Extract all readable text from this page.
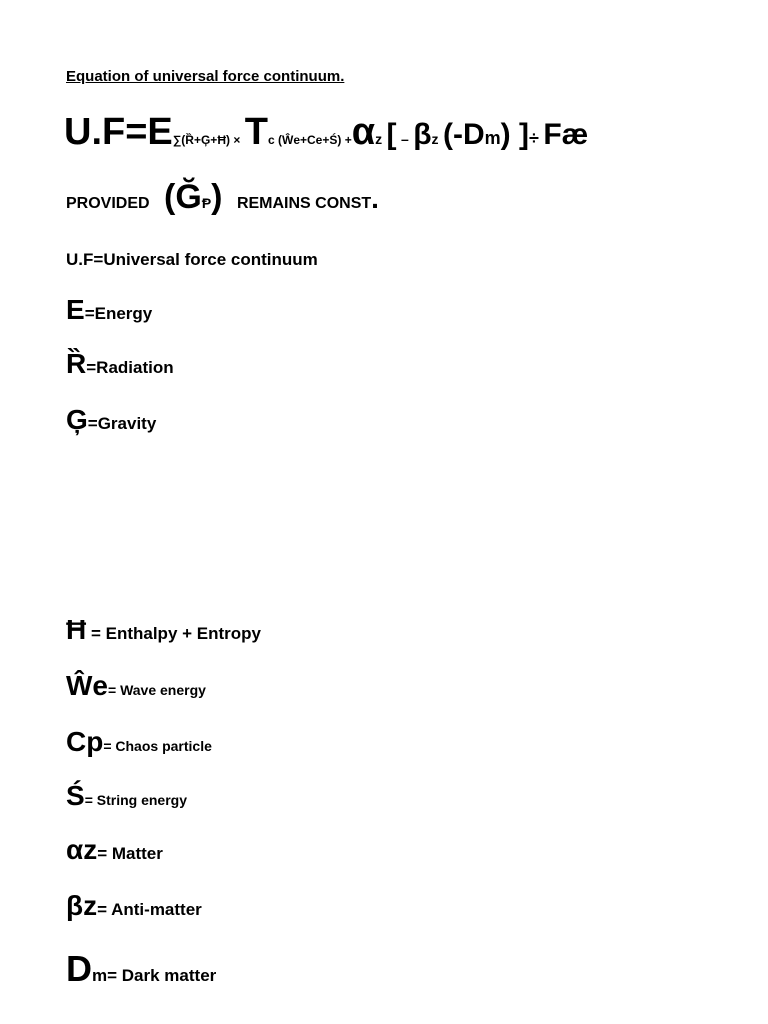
Equation of universal force continuum.
U.F=E∑(Ȑ+Ģ+Ħ) × Tc (Ŵe+Ce+Ś) +αᴢ [ – βᴢ (-Dm) ]÷ Fæ
PROVIDED (ĞⱣ) REMAINS CONST.
U.F=Universal force continuum
E=Energy
Ȑ=Radiation
Ģ=Gravity
Ħ = Enthalpy + Entropy
Ŵe= Wave energy
Cp= Chaos particle
Ś= String energy
αᴢ= Matter
βᴢ= Anti-matter
Dm= Dark matter
